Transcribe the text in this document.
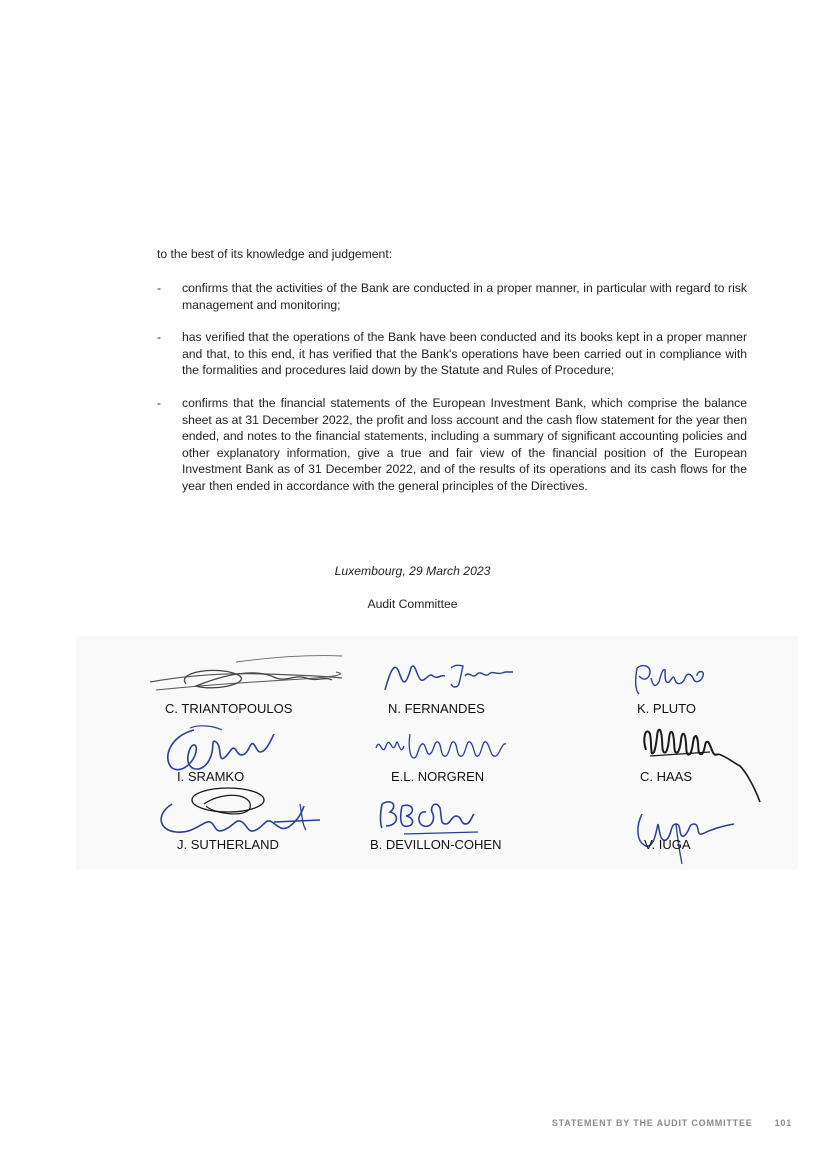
to the best of its knowledge and judgement:

-	confirms that the activities of the Bank are conducted in a proper manner, in particular with regard to risk management and monitoring;
-	has verified that the operations of the Bank have been conducted and its books kept in a proper manner and that, to this end, it has verified that the Bank's operations have been carried out in compliance with the formalities and procedures laid down by the Statute and Rules of Procedure;
-	confirms that the financial statements of the European Investment Bank, which comprise the balance sheet as at 31 December 2022, the profit and loss account and the cash flow statement for the year then ended, and notes to the financial statements, including a summary of significant accounting policies and other explanatory information, give a true and fair view of the financial position of the European Investment Bank as of 31 December 2022, and of the results of its operations and its cash flows for the year then ended in accordance with the general principles of the Directives.
Luxembourg, 29 March 2023
Audit Committee
C. TRIANTOPOULOS	N. FERNANDES	K. PLUTO
I. SRAMKO	E.L. NORGREN	C. HAAS
J. SUTHERLAND	B. DEVILLON-COHEN	V. IUGA
STATEMENT BY THE AUDIT COMMITTEE 101
